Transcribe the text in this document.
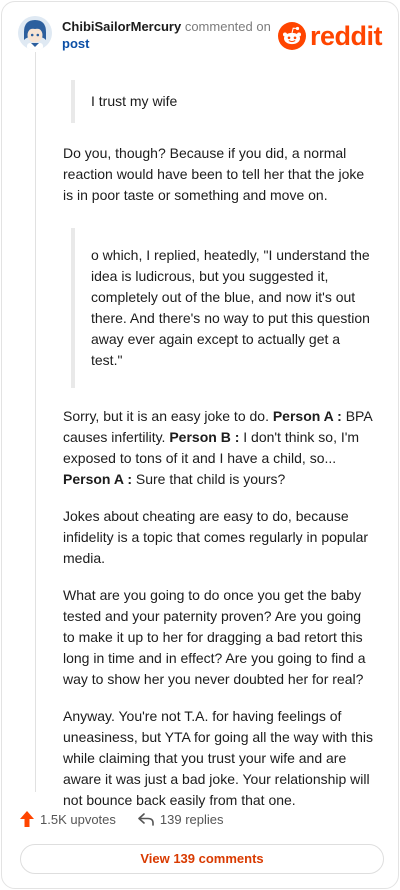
ChibiSailorMercury commented on
post	reddit
I trust my wife

Do you, though? Because if you did, a normal reaction would have been to tell her that the joke is in poor taste or something and move on.

o which, I replied, heatedly, "I understand the idea is ludicrous, but you suggested it, completely out of the blue, and now it's out there. And there's no way to put this question away ever again except to actually get a test."

Sorry, but it is an easy joke to do. Person A : BPA causes infertility. Person B : I don't think so, I'm exposed to tons of it and I have a child, so... Person A : Sure that child is yours?

Jokes about cheating are easy to do, because infidelity is a topic that comes regularly in popular media.

What are you going to do once you get the baby tested and your paternity proven? Are you going to make it up to her for dragging a bad retort this long in time and in effect? Are you going to find a way to show her you never doubted her for real?

Anyway. You're not T.A. for having feelings of uneasiness, but YTA for going all the way with this while claiming that you trust your wife and are aware it was just a bad joke. Your relationship will not bounce back easily from that one.

1.5K upvotes	139 replies
View 139 comments
